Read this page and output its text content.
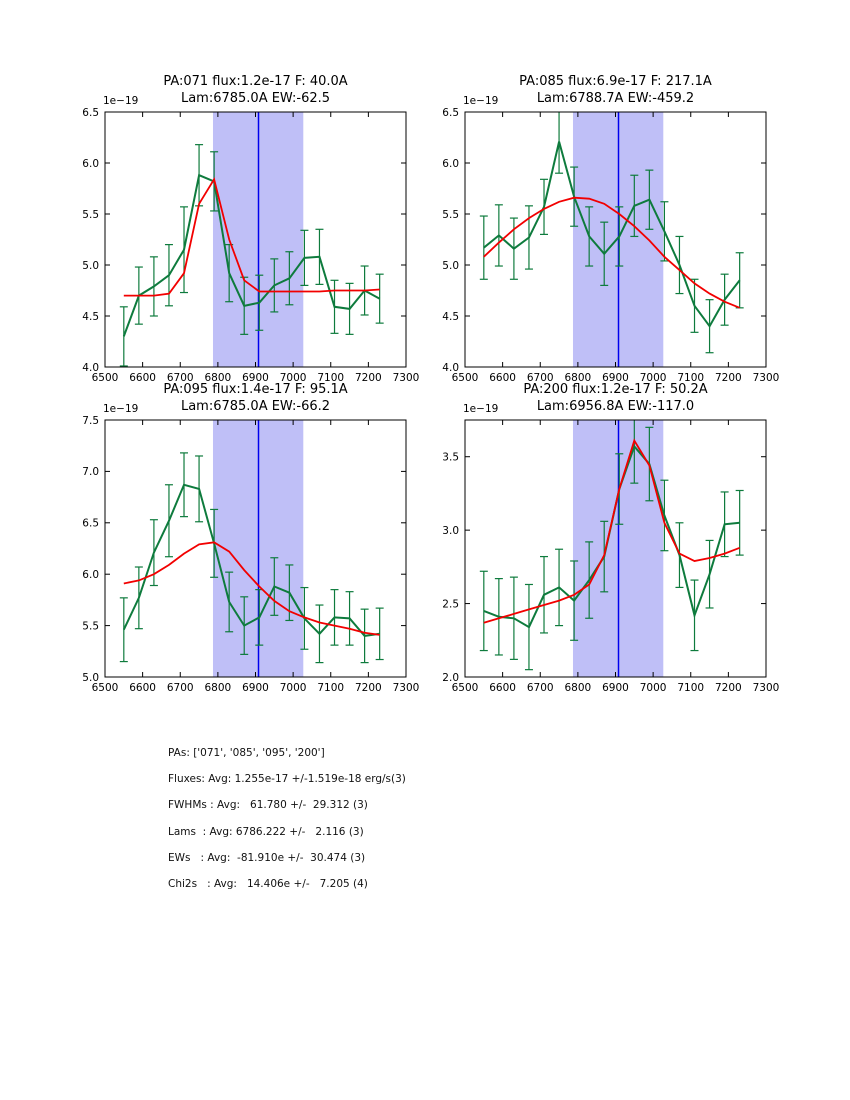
6500 6600 6700 6800 6900 7000 7100 7200 7300
4.0
4.5
5.0
5.5
6.0
6.5
6500 6600 6700 6800 6900 7000 7100 7200 7300
4.0
4.5
5.0
5.5
6.0
6.5
6500 6600 6700 6800 6900 7000 7100 7200 7300
5.0
5.5
6.0
6.5
7.0
7.5
6500 6600 6700 6800 6900 7000 7100 7200 7300
2.0
2.5
3.0
3.5
PA:071 flux:1.2e-17 F: 40.0A
Lam:6785.0A EW:-62.5
PA:085 flux:6.9e-17 F: 217.1A
Lam:6788.7A EW:-459.2
PA:095 flux:1.4e-17 F: 95.1A
Lam:6785.0A EW:-66.2
PA:200 flux:1.2e-17 F: 50.2A
Lam:6956.8A EW:-117.0
1e−19	1e−19
1e−19	1e−19
PAs: ['071', '085', '095', '200']
Fluxes: Avg: 1.255e-17 +/-1.519e-18 erg/s(3)
FWHMs : Avg:   61.780 +/-  29.312 (3)
Lams  : Avg: 6786.222 +/-   2.116 (3)
EWs   : Avg:  -81.910e +/-  30.474 (3)
Chi2s   : Avg:   14.406e +/-   7.205 (4)
